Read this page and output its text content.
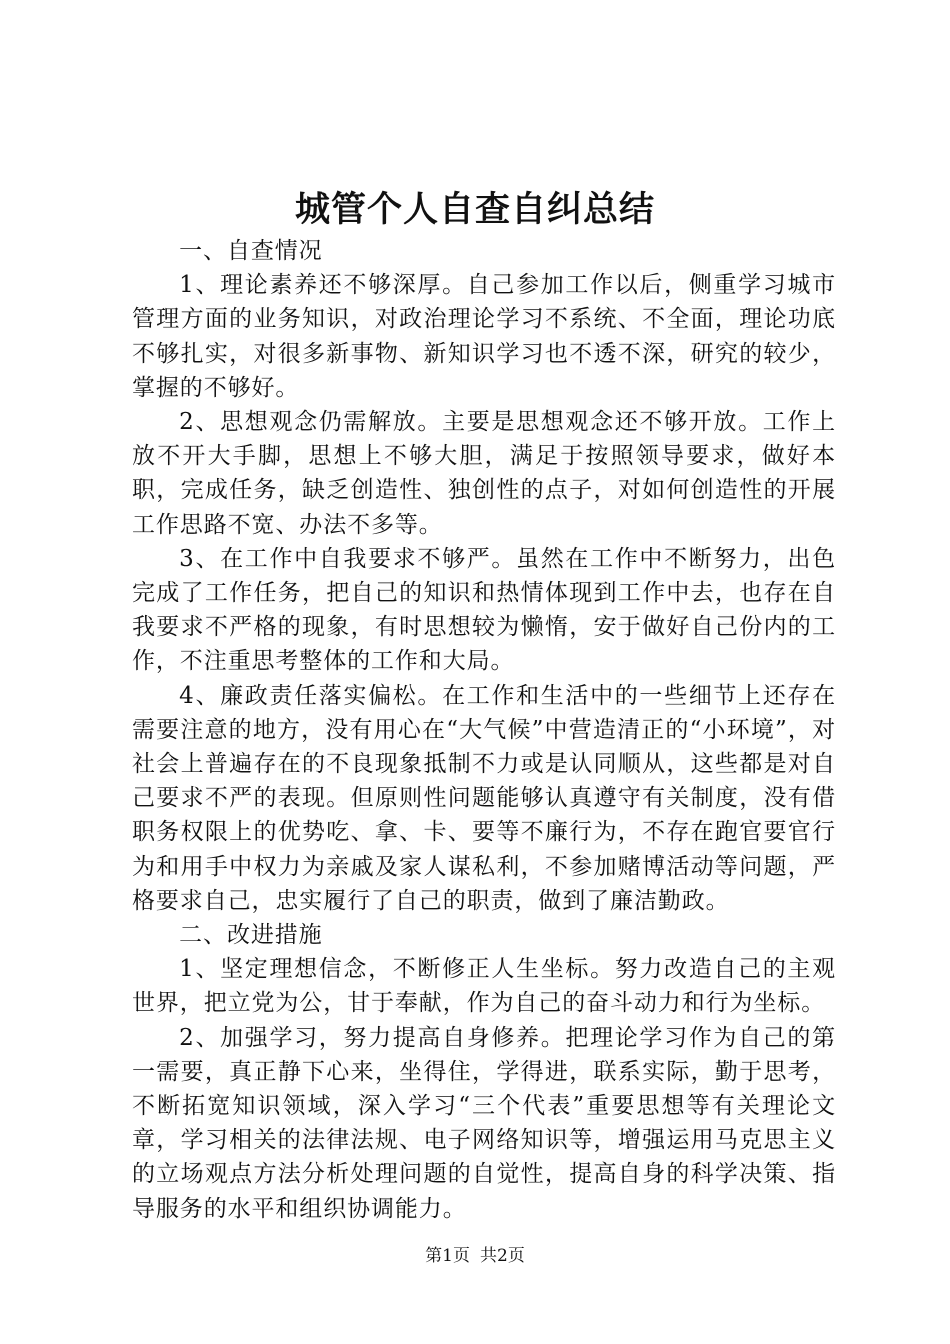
城管个人自查自纠总结

一、自查情况

1、理论素养还不够深厚。自己参加工作以后，侧重学习城市管理方面的业务知识，对政治理论学习不系统、不全面，理论功底不够扎实，对很多新事物、新知识学习也不透不深，研究的较少，掌握的不够好。

2、思想观念仍需解放。主要是思想观念还不够开放。工作上放不开大手脚，思想上不够大胆，满足于按照领导要求，做好本职，完成任务，缺乏创造性、独创性的点子，对如何创造性的开展工作思路不宽、办法不多等。

3、在工作中自我要求不够严。虽然在工作中不断努力，出色完成了工作任务，把自己的知识和热情体现到工作中去，也存在自我要求不严格的现象，有时思想较为懒惰，安于做好自己份内的工作，不注重思考整体的工作和大局。

4、廉政责任落实偏松。在工作和生活中的一些细节上还存在需要注意的地方，没有用心在“大气候”中营造清正的“小环境”，对社会上普遍存在的不良现象抵制不力或是认同顺从，这些都是对自己要求不严的表现。但原则性问题能够认真遵守有关制度，没有借职务权限上的优势吃、拿、卡、要等不廉行为，不存在跑官要官行为和用手中权力为亲戚及家人谋私利，不参加赌博活动等问题，严格要求自己，忠实履行了自己的职责，做到了廉洁勤政。

二、改进措施

1、坚定理想信念，不断修正人生坐标。努力改造自己的主观世界，把立党为公，甘于奉献，作为自己的奋斗动力和行为坐标。

2、加强学习，努力提高自身修养。把理论学习作为自己的第一需要，真正静下心来，坐得住，学得进，联系实际，勤于思考，不断拓宽知识领域，深入学习“三个代表”重要思想等有关理论文章，学习相关的法律法规、电子网络知识等，增强运用马克思主义的立场观点方法分析处理问题的自觉性，提高自身的科学决策、指导服务的水平和组织协调能力。

第1页 共2页
